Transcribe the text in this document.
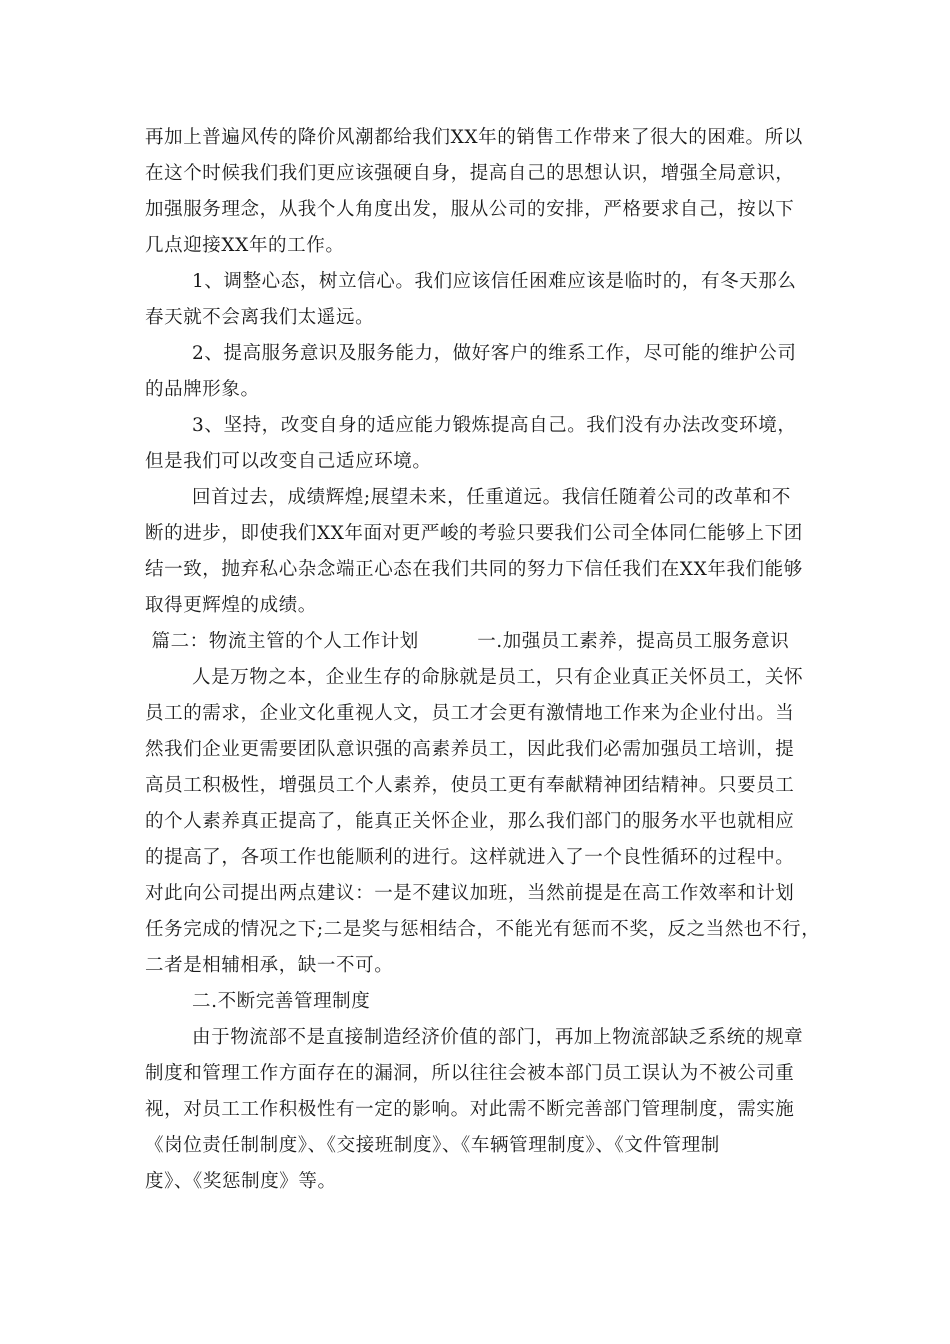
再加上普遍风传的降价风潮都给我们XX年的销售工作带来了很大的困难。所以
在这个时候我们我们更应该强硬自身，提高自己的思想认识，增强全局意识，
加强服务理念，从我个人角度出发，服从公司的安排，严格要求自己，按以下
几点迎接XX年的工作。
1、调整心态，树立信心。我们应该信任困难应该是临时的，有冬天那么
春天就不会离我们太遥远。
2、提高服务意识及服务能力，做好客户的维系工作，尽可能的维护公司
的品牌形象。
3、坚持，改变自身的适应能力锻炼提高自己。我们没有办法改变环境，
但是我们可以改变自己适应环境。
回首过去，成绩辉煌;展望未来，任重道远。我信任随着公司的改革和不
断的进步，即使我们XX年面对更严峻的考验只要我们公司全体同仁能够上下团
结一致，抛弃私心杂念端正心态在我们共同的努力下信任我们在XX年我们能够
取得更辉煌的成绩。
篇二：物流主管的个人工作计划         一.加强员工素养，提高员工服务意识
人是万物之本，企业生存的命脉就是员工，只有企业真正关怀员工，关怀
员工的需求，企业文化重视人文，员工才会更有激情地工作来为企业付出。当
然我们企业更需要团队意识强的高素养员工，因此我们必需加强员工培训，提
高员工积极性，增强员工个人素养，使员工更有奉献精神团结精神。只要员工
的个人素养真正提高了，能真正关怀企业，那么我们部门的服务水平也就相应
的提高了，各项工作也能顺利的进行。这样就进入了一个良性循环的过程中。
对此向公司提出两点建议：一是不建议加班，当然前提是在高工作效率和计划
任务完成的情况之下;二是奖与惩相结合，不能光有惩而不奖，反之当然也不行，
二者是相辅相承，缺一不可。
二.不断完善管理制度
由于物流部不是直接制造经济价值的部门，再加上物流部缺乏系统的规章
制度和管理工作方面存在的漏洞，所以往往会被本部门员工误认为不被公司重
视，对员工工作积极性有一定的影响。对此需不断完善部门管理制度，需实施
《岗位责任制制度》、《交接班制度》、《车辆管理制度》、《文件管理制
度》、《奖惩制度》等。
